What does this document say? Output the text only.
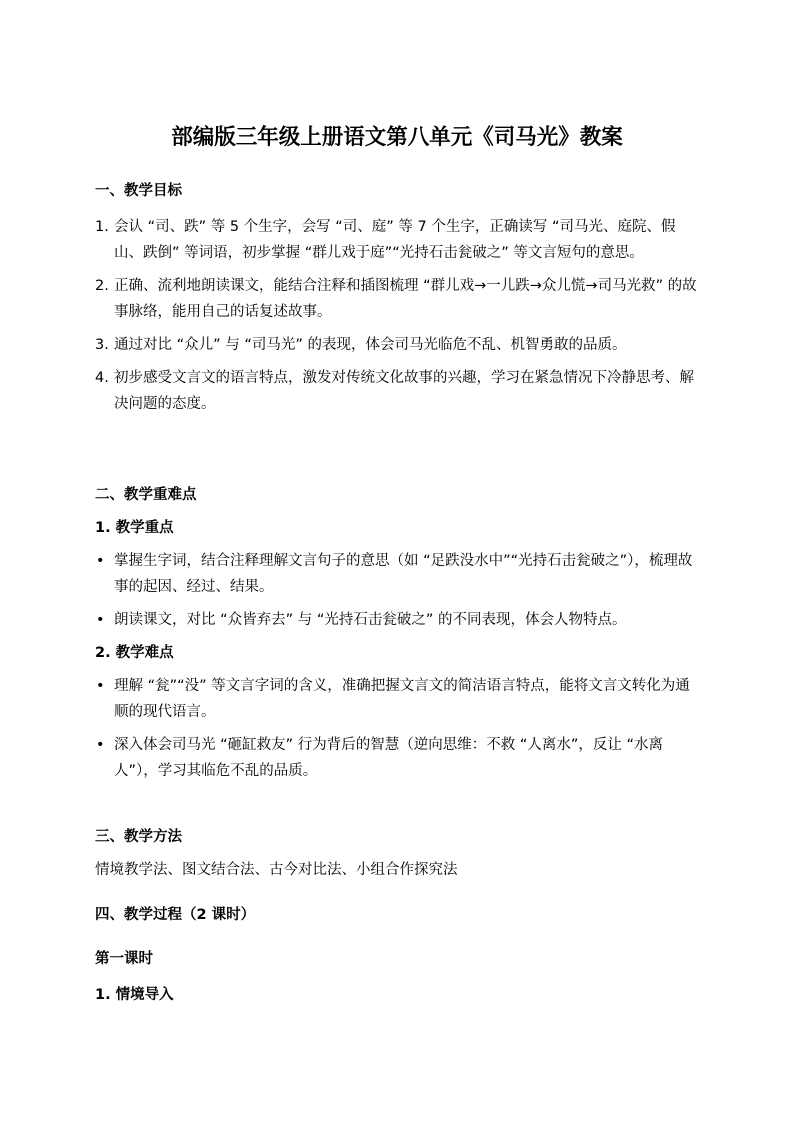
部编版三年级上册语文第八单元《司马光》教案
一、教学目标
1. 会认 “司、跌” 等 5 个生字，会写 “司、庭” 等 7 个生字，正确读写 “司马光、庭院、假山、跌倒” 等词语，初步掌握 “群儿戏于庭”“光持石击瓮破之” 等文言短句的意思。
2. 正确、流利地朗读课文，能结合注释和插图梳理 “群儿戏→一儿跌→众儿慌→司马光救” 的故事脉络，能用自己的话复述故事。
3. 通过对比 “众儿” 与 “司马光” 的表现，体会司马光临危不乱、机智勇敢的品质。
4. 初步感受文言文的语言特点，激发对传统文化故事的兴趣，学习在紧急情况下冷静思考、解决问题的态度。
二、教学重难点
1. 教学重点
• 掌握生字词，结合注释理解文言句子的意思（如 “足跌没水中”“光持石击瓮破之”），梳理故事的起因、经过、结果。
• 朗读课文，对比 “众皆弃去” 与 “光持石击瓮破之” 的不同表现，体会人物特点。
2. 教学难点
• 理解 “瓮”“没” 等文言字词的含义，准确把握文言文的简洁语言特点，能将文言文转化为通顺的现代语言。
• 深入体会司马光 “砸缸救友” 行为背后的智慧（逆向思维：不救 “人离水”，反让 “水离人”），学习其临危不乱的品质。
三、教学方法
情境教学法、图文结合法、古今对比法、小组合作探究法
四、教学过程（2 课时）
第一课时
1. 情境导入
